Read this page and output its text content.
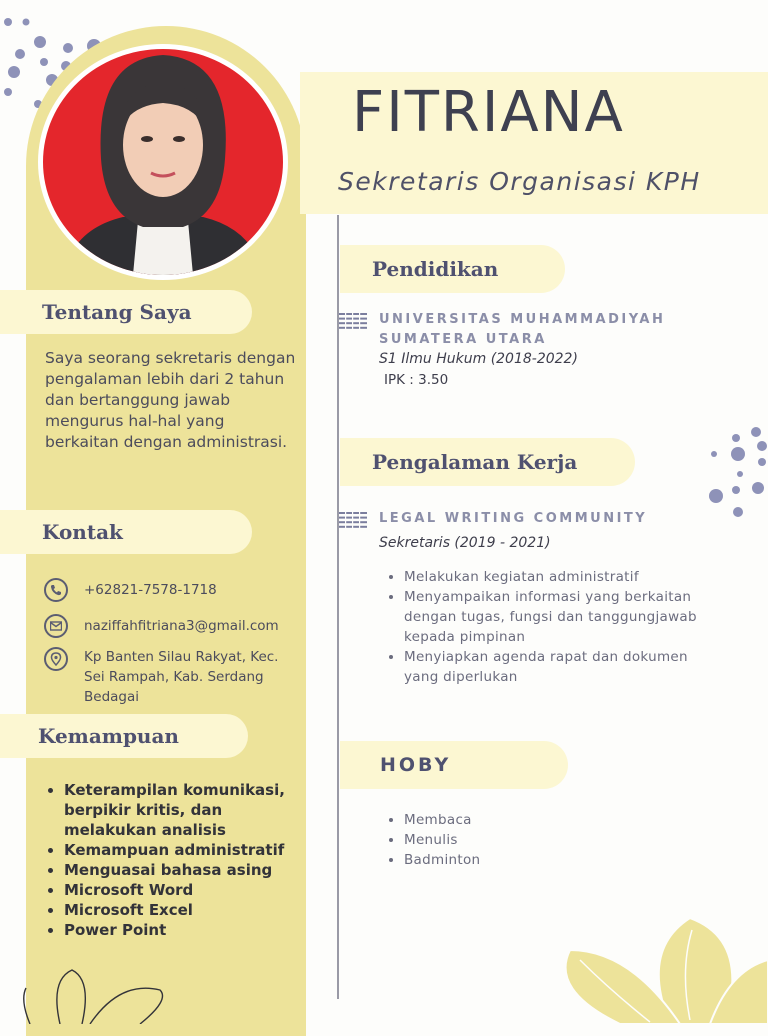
Tentang Saya
Saya seorang sekretaris dengan pengalaman lebih dari 2 tahun dan bertanggung jawab mengurus hal-hal yang berkaitan dengan administrasi.
Kontak
+62821-7578-1718
naziffahfitriana3@gmail.com
Kp Banten Silau Rakyat, Kec. Sei Rampah, Kab. Serdang Bedagai
Kemampuan
• Keterampilan komunikasi, berpikir kritis, dan melakukan analisis
• Kemampuan administratif
• Menguasai bahasa asing
• Microsoft Word
• Microsoft Excel
• Power Point
FITRIANA
Sekretaris Organisasi KPH
Pendidikan
UNIVERSITAS MUHAMMADIYAH
SUMATERA UTARA
S1 Ilmu Hukum (2018-2022)
IPK : 3.50
Pengalaman Kerja
LEGAL WRITING COMMUNITY
Sekretaris (2019 - 2021)
• Melakukan kegiatan administratif
• Menyampaikan informasi yang berkaitan dengan tugas, fungsi dan tanggungjawab kepada pimpinan
• Menyiapkan agenda rapat dan dokumen yang diperlukan
HOBY
• Membaca
• Menulis
• Badminton
